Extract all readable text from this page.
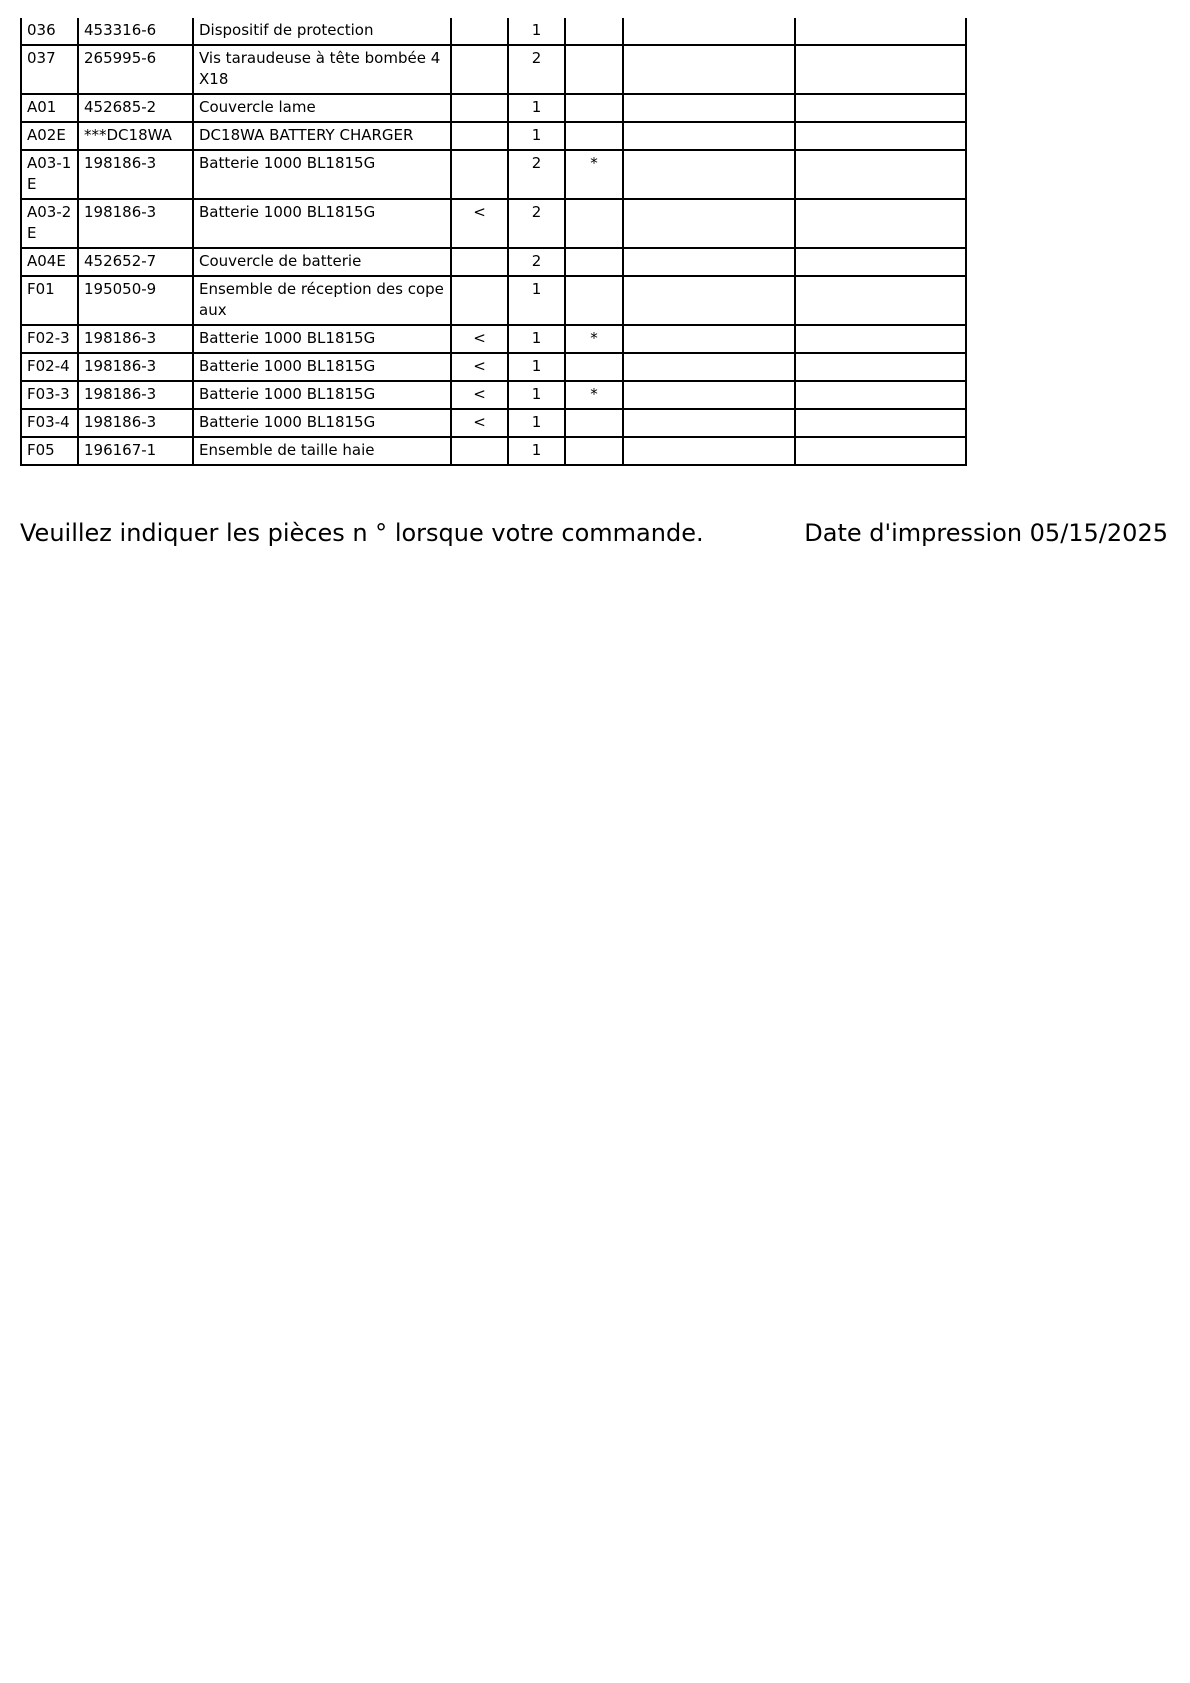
036	453316-6	Dispositif de protection		1			
037	265995-6	Vis taraudeuse à tête bombée 4X18		2			
A01	452685-2	Couvercle lame		1			
A02E	***DC18WA	DC18WA BATTERY CHARGER		1			
A03-1E	198186-3	Batterie 1000 BL1815G		2	*		
A03-2E	198186-3	Batterie 1000 BL1815G	<	2			
A04E	452652-7	Couvercle de batterie		2			
F01	195050-9	Ensemble de réception des copeaux		1			
F02-3	198186-3	Batterie 1000 BL1815G	<	1	*		
F02-4	198186-3	Batterie 1000 BL1815G	<	1			
F03-3	198186-3	Batterie 1000 BL1815G	<	1	*		
F03-4	198186-3	Batterie 1000 BL1815G	<	1			
F05	196167-1	Ensemble de taille haie		1			
Veuillez indiquer les pièces n ° lorsque votre commande.	Date d'impression 05/15/2025
